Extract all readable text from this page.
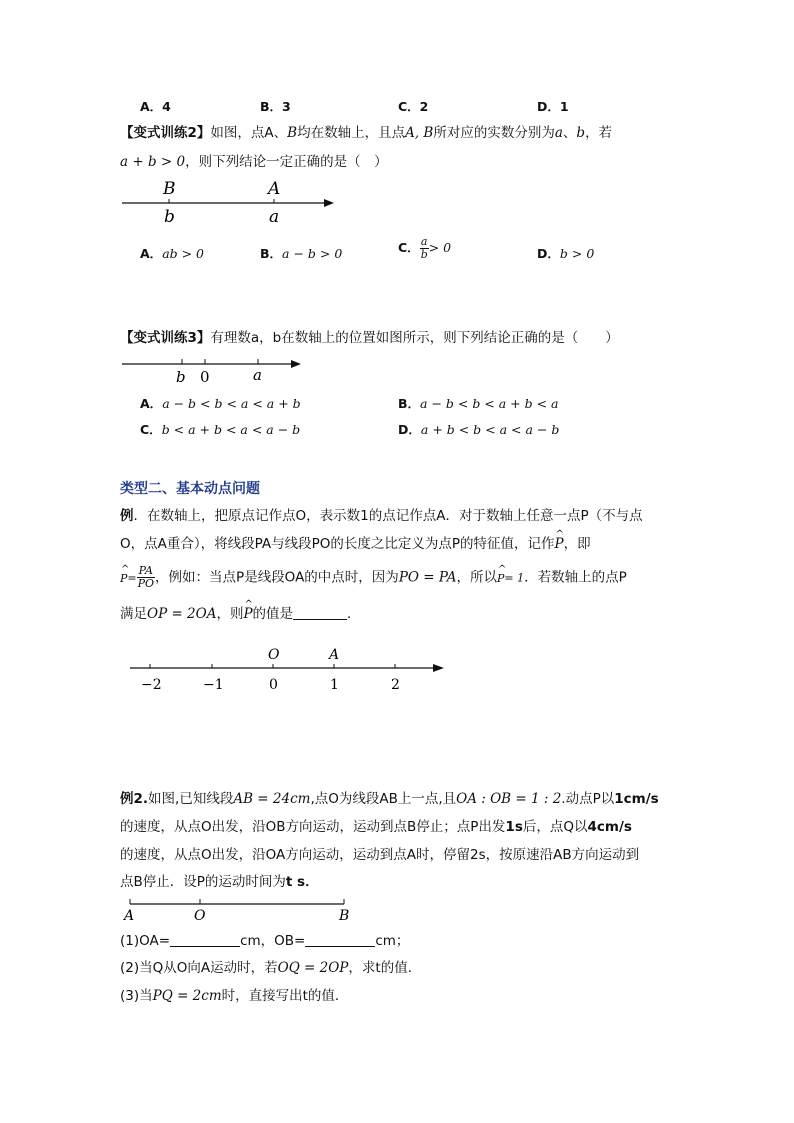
A．4	B．3	C．2	D．1
【变式训练2】如图，点A、B均在数轴上，且点A, B所对应的实数分别为a、b，若
a + b > 0，则下列结论一定正确的是（　）
B	A
b	a
A．ab > 0	B．a − b > 0	C． $\frac{a}{b} > 0$	D．b > 0
【变式训练3】有理数a，b在数轴上的位置如图所示，则下列结论正确的是（　　）
b 0	a
A．a − b < b < a < a + b	B．a − b < b < a + b < a
C．b < a + b < a < a − b	D．a + b < b < a < a − b
类型二、基本动点问题
例．在数轴上，把原点记作点O，表示数1的点记作点A．对于数轴上任意一点P（不与点
O，点A重合），将线段PA与线段PO的长度之比定义为点P的特征值，记作^ P，即
^ $P= \frac{PA}{PO}$ ，例如：当点P是线段OA的中点时，因为PO = PA，所以^ P= 1．若数轴上的点P
满足OP = 2OA，则^ P的值是	．
O	A
−2	−1	0	1	2
例2.如图,已知线段AB = 24cm,点O为线段AB上一点,且OA : OB = 1 : 2.动点P以1cm/s
的速度，从点O出发，沿OB方向运动，运动到点B停止；点P出发1s后，点Q以4cm/s
的速度，从点O出发，沿OA方向运动，运动到点A时，停留2s，按原速沿AB方向运动到
点B停止．设P的运动时间为t s．
A	O	B
(1)OA=	cm，OB=	cm；
(2)当Q从O向A运动时，若OQ = 2OP，求t的值．
(3)当PQ = 2cm时，直接写出t的值．
